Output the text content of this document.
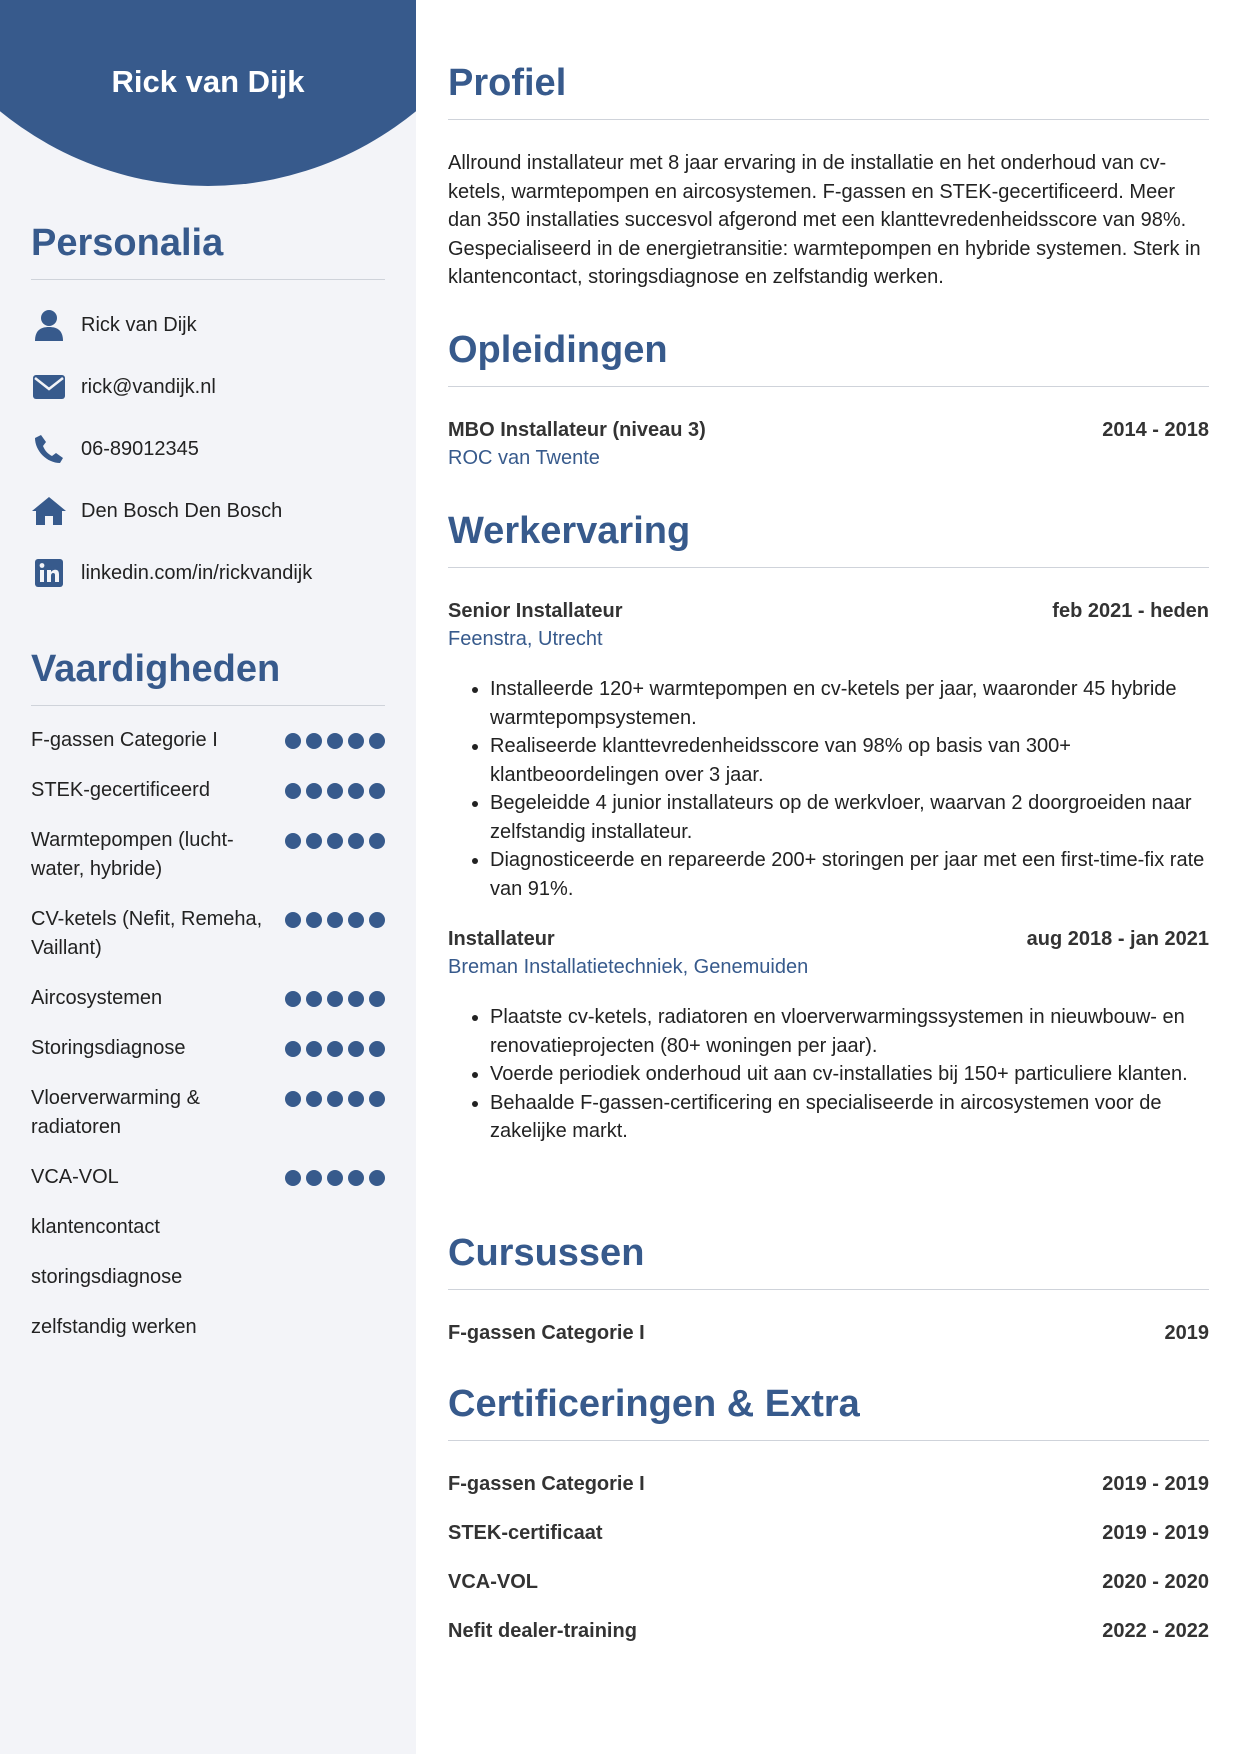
Rick van Dijk
Personalia
Rick van Dijk
rick@vandijk.nl
06-89012345
Den Bosch Den Bosch
linkedin.com/in/rickvandijk
Vaardigheden
F-gassen Categorie I
STEK-gecertificeerd
Warmtepompen (lucht-water, hybride)
CV-ketels (Nefit, Remeha, Vaillant)
Aircosystemen
Storingsdiagnose
Vloerverwarming & radiatoren
VCA-VOL
klantencontact
storingsdiagnose
zelfstandig werken
Profiel
Allround installateur met 8 jaar ervaring in de installatie en het onderhoud van cv-ketels, warmtepompen en aircosystemen. F-gassen en STEK-gecertificeerd. Meer dan 350 installaties succesvol afgerond met een klanttevredenheidsscore van 98%. Gespecialiseerd in de energietransitie: warmtepompen en hybride systemen. Sterk in klantencontact, storingsdiagnose en zelfstandig werken.
Opleidingen
MBO Installateur (niveau 3)	2014 - 2018
ROC van Twente
Werkervaring
Senior Installateur	feb 2021 - heden
Feenstra, Utrecht
• Installeerde 120+ warmtepompen en cv-ketels per jaar, waaronder 45 hybride warmtepompsystemen.
• Realiseerde klanttevredenheidsscore van 98% op basis van 300+ klantbeoordelingen over 3 jaar.
• Begeleidde 4 junior installateurs op de werkvloer, waarvan 2 doorgroeiden naar zelfstandig installateur.
• Diagnosticeerde en repareerde 200+ storingen per jaar met een first-time-fix rate van 91%.
Installateur	aug 2018 - jan 2021
Breman Installatietechniek, Genemuiden
• Plaatste cv-ketels, radiatoren en vloerverwarmingssystemen in nieuwbouw- en renovatieprojecten (80+ woningen per jaar).
• Voerde periodiek onderhoud uit aan cv-installaties bij 150+ particuliere klanten.
• Behaalde F-gassen-certificering en specialiseerde in aircosystemen voor de zakelijke markt.
Cursussen
F-gassen Categorie I	2019
Certificeringen & Extra
F-gassen Categorie I	2019 - 2019
STEK-certificaat	2019 - 2019
VCA-VOL	2020 - 2020
Nefit dealer-training	2022 - 2022
